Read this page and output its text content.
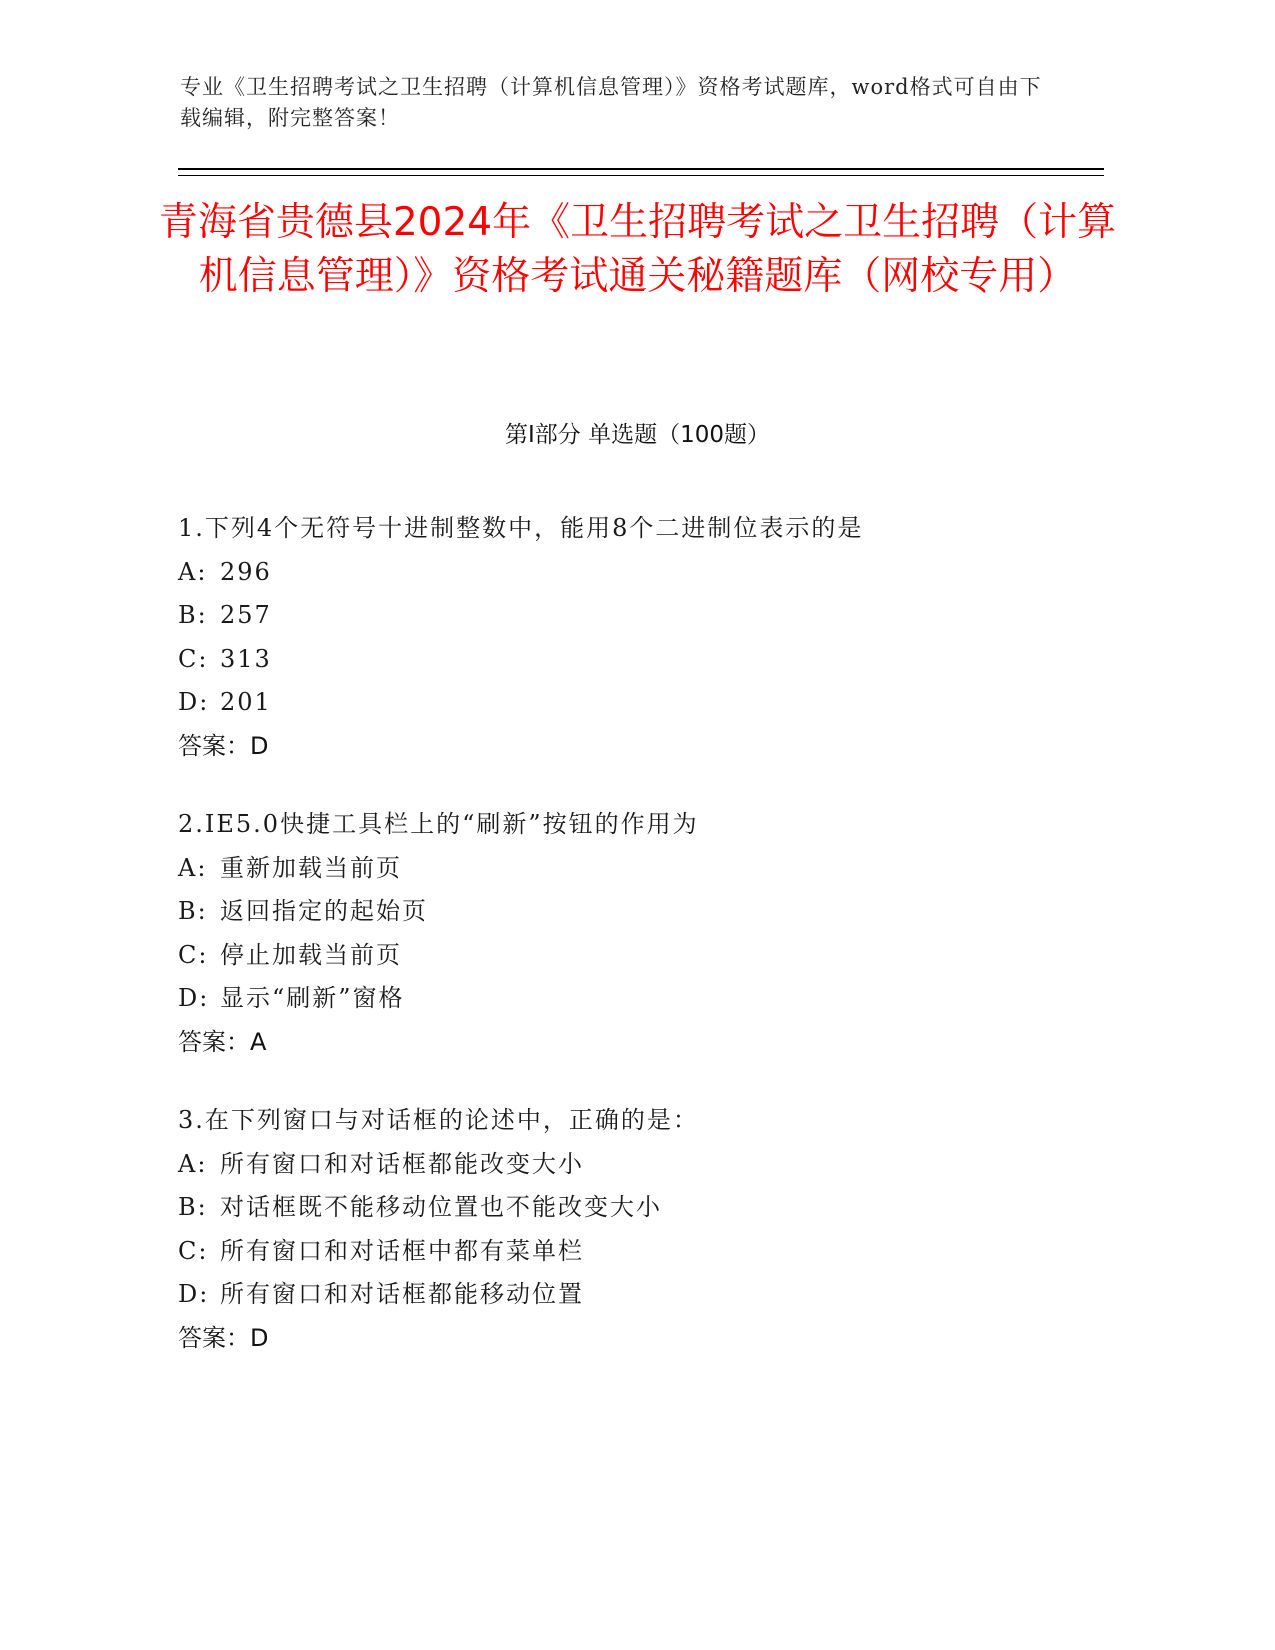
专业《卫生招聘考试之卫生招聘（计算机信息管理）》资格考试题库，word格式可自由下载编辑，附完整答案！
青海省贵德县2024年《卫生招聘考试之卫生招聘（计算机信息管理）》资格考试通关秘籍题库（网校专用）
第I部分 单选题（100题）
1.下列4个无符号十进制整数中，能用8个二进制位表示的是
A: 296
B: 257
C: 313
D: 201
答案：D
2.IE5.0快捷工具栏上的“刷新”按钮的作用为
A: 重新加载当前页
B: 返回指定的起始页
C: 停止加载当前页
D: 显示“刷新”窗格
答案：A
3.在下列窗口与对话框的论述中，正确的是：
A: 所有窗口和对话框都能改变大小
B: 对话框既不能移动位置也不能改变大小
C: 所有窗口和对话框中都有菜单栏
D: 所有窗口和对话框都能移动位置
答案：D
